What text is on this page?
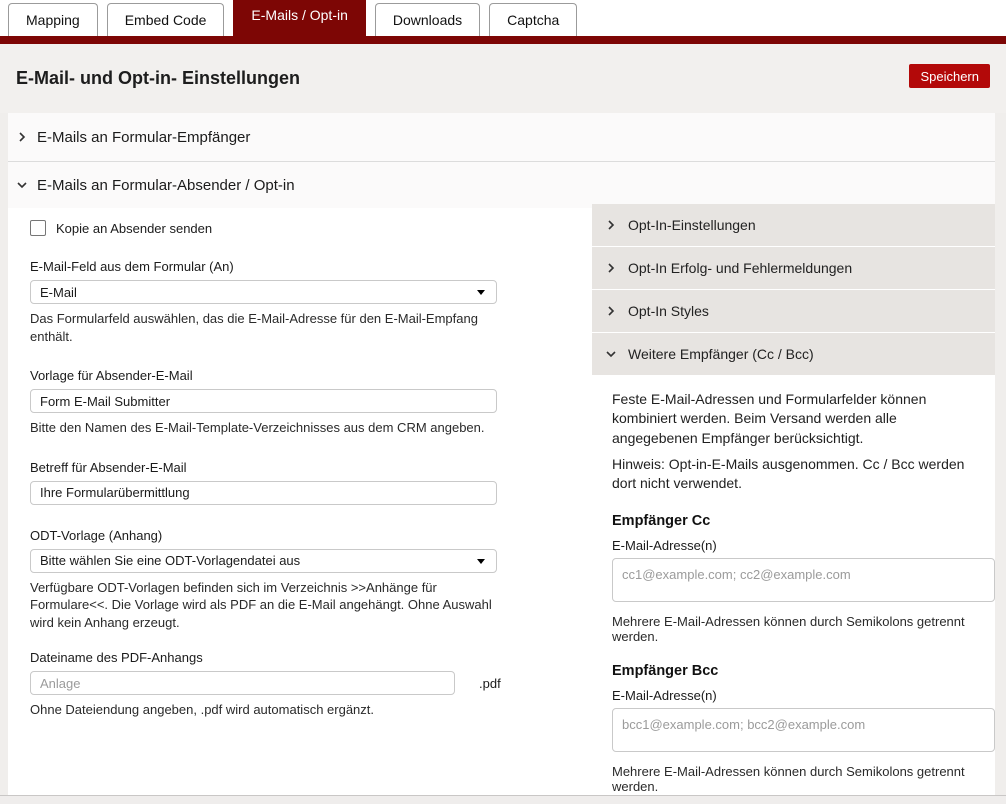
Mapping	Embed Code	E-Mails / Opt-in	Downloads	Captcha
E-Mail- und Opt-in- Einstellungen	Speichern
E-Mails an Formular-Empfänger
E-Mails an Formular-Absender / Opt-in
Kopie an Absender senden
E-Mail-Feld aus dem Formular (An)
E-Mail
Das Formularfeld auswählen, das die E-Mail-Adresse für den E-Mail-Empfang enthält.
Vorlage für Absender-E-Mail
Form E-Mail Submitter
Bitte den Namen des E-Mail-Template-Verzeichnisses aus dem CRM angeben.
Betreff für Absender-E-Mail
Ihre Formularübermittlung
ODT-Vorlage (Anhang)
Bitte wählen Sie eine ODT-Vorlagendatei aus
Verfügbare ODT-Vorlagen befinden sich im Verzeichnis >>Anhänge für Formulare<<. Die Vorlage wird als PDF an die E-Mail angehängt. Ohne Auswahl wird kein Anhang erzeugt.
Dateiname des PDF-Anhangs
Anlage
.pdf
Ohne Dateiendung angeben, .pdf wird automatisch ergänzt.
Opt-In-Einstellungen
Opt-In Erfolg- und Fehlermeldungen
Opt-In Styles
Weitere Empfänger (Cc / Bcc)

Feste E-Mail-Adressen und Formularfelder können kombiniert werden. Beim Versand werden alle angegebenen Empfänger berücksichtigt.

Hinweis: Opt-in-E-Mails ausgenommen. Cc / Bcc werden dort nicht verwendet.

Empfänger Cc
E-Mail-Adresse(n)
cc1@example.com; cc2@example.com
Mehrere E-Mail-Adressen können durch Semikolons getrennt werden.
Empfänger Bcc
E-Mail-Adresse(n)
bcc1@example.com; bcc2@example.com
Mehrere E-Mail-Adressen können durch Semikolons getrennt werden.
